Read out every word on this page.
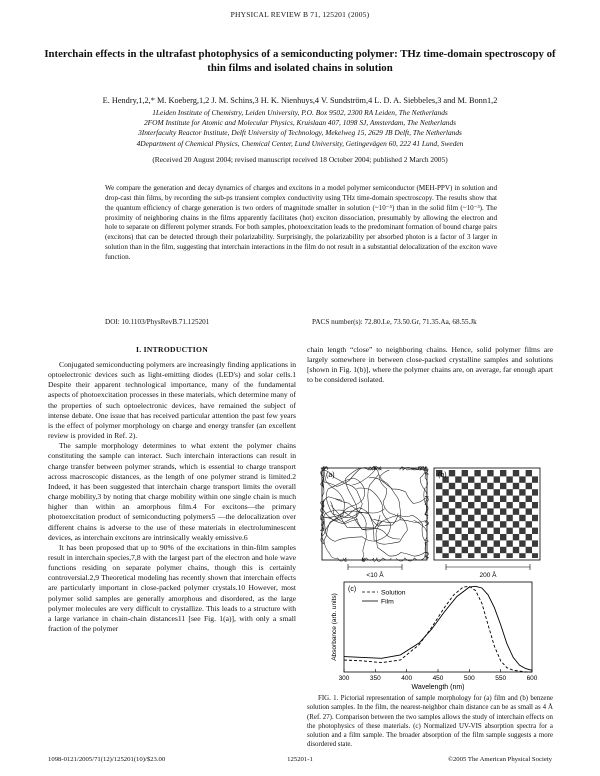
PHYSICAL REVIEW B 71, 125201 (2005)
Interchain effects in the ultrafast photophysics of a semiconducting polymer: THz time-domain spectroscopy of thin films and isolated chains in solution
E. Hendry,1,2,* M. Koeberg,1,2 J. M. Schins,3 H. K. Nienhuys,4 V. Sundström,4 L. D. A. Siebbeles,3 and M. Bonn1,2
1Leiden Institute of Chemistry, Leiden University, P.O. Box 9502, 2300 RA Leiden, The Netherlands
2FOM Institute for Atomic and Molecular Physics, Kruislaan 407, 1098 SJ, Amsterdam, The Netherlands
3Interfaculty Reactor Institute, Delft University of Technology, Mekelweg 15, 2629 JB Delft, The Netherlands
4Department of Chemical Physics, Chemical Center, Lund University, Getingevägen 60, 222 41 Lund, Sweden
(Received 20 August 2004; revised manuscript received 18 October 2004; published 2 March 2005)
We compare the generation and decay dynamics of charges and excitons in a model polymer semiconductor (MEH-PPV) in solution and drop-cast thin films, by recording the sub-ps transient complex conductivity using THz time-domain spectroscopy. The results show that the quantum efficiency of charge generation is two orders of magnitude smaller in solution (~10⁻⁵) than in the solid film (~10⁻³). The proximity of neighboring chains in the films apparently facilitates (hot) exciton dissociation, presumably by allowing the electron and hole to separate on different polymer strands. For both samples, photoexcitation leads to the predominant formation of bound charge pairs (excitons) that can be detected through their polarizability. Surprisingly, the polarizability per absorbed photon is a factor of 3 larger in solution than in the film, suggesting that interchain interactions in the film do not result in a substantial delocalization of the exciton wave function.
DOI: 10.1103/PhysRevB.71.125201	PACS number(s): 72.80.Le, 73.50.Gr, 71.35.Aa, 68.55.Jk
I. INTRODUCTION

Conjugated semiconducting polymers are increasingly finding applications in optoelectronic devices such as light-emitting diodes (LED's) and solar cells.1 Despite their apparent technological importance, many of the fundamental aspects of photoexcitation processes in these materials, which determine many of the properties of such optoelectronic devices, have remained the subject of intense debate. One issue that has received particular attention the past few years is the effect of polymer morphology on charge and energy transfer (an excellent review is provided in Ref. 2).

The sample morphology determines to what extent the polymer chains constituting the sample can interact. Such interchain interactions can result in charge transfer between polymer strands, which is essential to charge transport across macroscopic distances, as the length of one polymer strand is limited.2 Indeed, it has been suggested that interchain charge transport limits the overall charge mobility,3 by noting that charge mobility within one single chain is much higher than within an amorphous film.4 For excitons—the primary photoexcitation product of semiconducting polymers5 —the delocalization over different chains is adverse to the use of these materials in electroluminescent devices, as interchain excitons are intrinsically weakly emissive.6

It has been proposed that up to 90% of the excitations in thin-film samples result in interchain species,7,8 with the largest part of the electron and hole wave functions residing on separate polymer chains, though this is certainly controversial.2,9 Theoretical modeling has recently shown that interchain effects are particularly important in close-packed polymer crystals.10 However, most polymer solid samples are generally amorphous and disordered, as the large polymer molecules are very difficult to crystallize. This leads to a structure with a large variance in chain-chain distances11 [see Fig. 1(a)], with only a small fraction of the polymer

chain length “close” to neighboring chains. Hence, solid polymer films are largely somewhere in between close-packed crystalline samples and solutions [shown in Fig. 1(b)], where the polymer chains are, on average, far enough apart to be considered isolated.

(a)	(b)
<10 Å	200 Å
(c)	Solution
Film
300	350	400	450	500	550	600
Wavelength (nm)
Absorbance (arb. units)
FIG. 1. Pictorial representation of sample morphology for (a) film and (b) benzene solution samples. In the film, the nearest-neighbor chain distance can be as small as 4 Å (Ref. 27). Comparison between the two samples allows the study of interchain effects on the photophysics of these materials. (c) Normalized UV-VIS absorption spectra for a solution and a film sample. The broader absorption of the film sample suggests a more disordered state.
1098-0121/2005/71(12)/125201(10)/$23.00	125201-1	©2005 The American Physical Society
